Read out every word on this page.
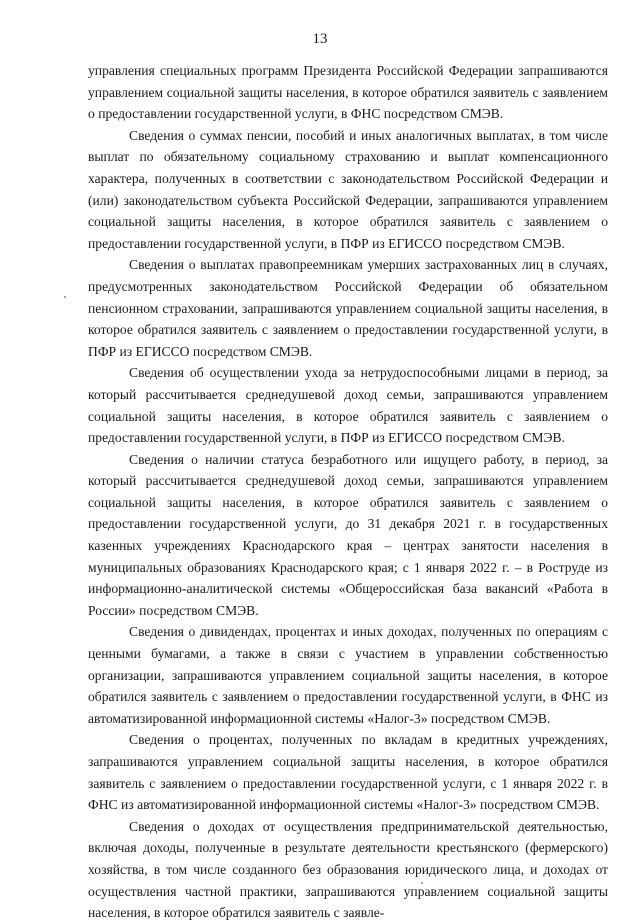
13

управления специальных программ Президента Российской Федерации запрашиваются управлением социальной защиты населения, в которое обратился заявитель с заявлением о предоставлении государственной услуги, в ФНС посредством СМЭВ.

Сведения о суммах пенсии, пособий и иных аналогичных выплатах, в том числе выплат по обязательному социальному страхованию и выплат компенсационного характера, полученных в соответствии с законодательством Российской Федерации и (или) законодательством субъекта Российской Федерации, запрашиваются управлением социальной защиты населения, в которое обратился заявитель с заявлением о предоставлении государственной услуги, в ПФР из ЕГИССО посредством СМЭВ.

Сведения о выплатах правопреемникам умерших застрахованных лиц в случаях, предусмотренных законодательством Российской Федерации об обязательном пенсионном страховании, запрашиваются управлением социальной защиты населения, в которое обратился заявитель с заявлением о предоставлении государственной услуги, в ПФР из ЕГИССО посредством СМЭВ.

Сведения об осуществлении ухода за нетрудоспособными лицами в период, за который рассчитывается среднедушевой доход семьи, запрашиваются управлением социальной защиты населения, в которое обратился заявитель с заявлением о предоставлении государственной услуги, в ПФР из ЕГИССО посредством СМЭВ.

Сведения о наличии статуса безработного или ищущего работу, в период, за который рассчитывается среднедушевой доход семьи, запрашиваются управлением социальной защиты населения, в которое обратился заявитель с заявлением о предоставлении государственной услуги, до 31 декабря 2021 г. в государственных казенных учреждениях Краснодарского края – центрах занятости населения в муниципальных образованиях Краснодарского края; с 1 января 2022 г. – в Роструде из информационно-аналитической системы «Общероссийская база вакансий «Работа в России» посредством СМЭВ.

Сведения о дивидендах, процентах и иных доходах, полученных по операциям с ценными бумагами, а также в связи с участием в управлении собственностью организации, запрашиваются управлением социальной защиты населения, в которое обратился заявитель с заявлением о предоставлении государственной услуги, в ФНС из автоматизированной информационной системы «Налог-3» посредством СМЭВ.

Сведения о процентах, полученных по вкладам в кредитных учреждениях, запрашиваются управлением социальной защиты населения, в которое обратился заявитель с заявлением о предоставлении государственной услуги, с 1 января 2022 г. в ФНС из автоматизированной информационной системы «Налог-3» посредством СМЭВ.

Сведения о доходах от осуществления предпринимательской деятельностью, включая доходы, полученные в результате деятельности крестьянского (фермерского) хозяйства, в том числе созданного без образования юридического лица, и доходах от осуществления частной практики, запрашиваются управлением социальной защиты населения, в которое обратился заявитель с заявле-
